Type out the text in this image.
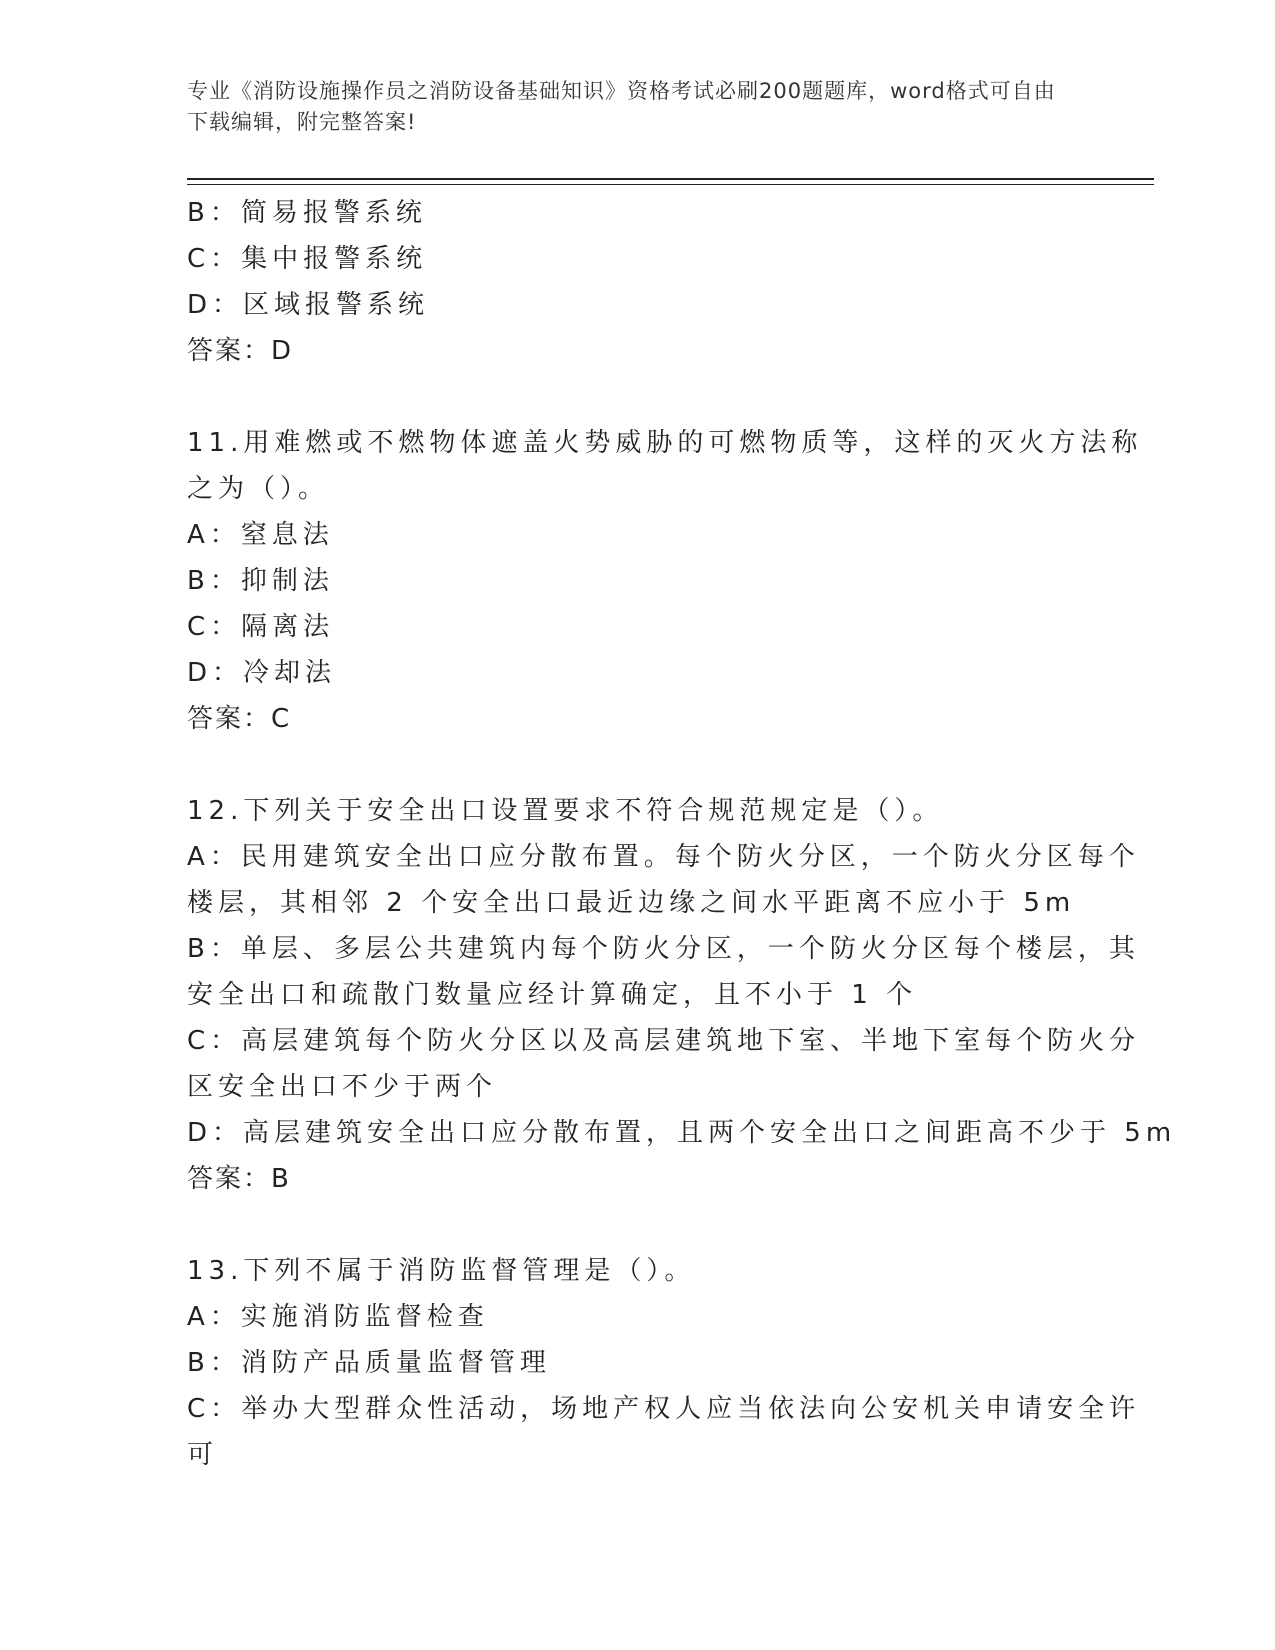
专业《消防设施操作员之消防设备基础知识》资格考试必刷200题题库，word格式可自由下载编辑，附完整答案!
B：简易报警系统
C：集中报警系统
D：区域报警系统
答案：D
11.用难燃或不燃物体遮盖火势威胁的可燃物质等，这样的灭火方法称
之为（）。
A：窒息法
B：抑制法
C：隔离法
D：冷却法
答案：C
12.下列关于安全出口设置要求不符合规范规定是（）。
A：民用建筑安全出口应分散布置。每个防火分区，一个防火分区每个
楼层，其相邻 2 个安全出口最近边缘之间水平距离不应小于 5m
B：单层、多层公共建筑内每个防火分区，一个防火分区每个楼层，其
安全出口和疏散门数量应经计算确定，且不小于 1 个
C：高层建筑每个防火分区以及高层建筑地下室、半地下室每个防火分
区安全出口不少于两个
D：高层建筑安全出口应分散布置，且两个安全出口之间距高不少于 5m
答案：B
13.下列不属于消防监督管理是（）。
A：实施消防监督检查
B：消防产品质量监督管理
C：举办大型群众性活动，场地产权人应当依法向公安机关申请安全许
可
